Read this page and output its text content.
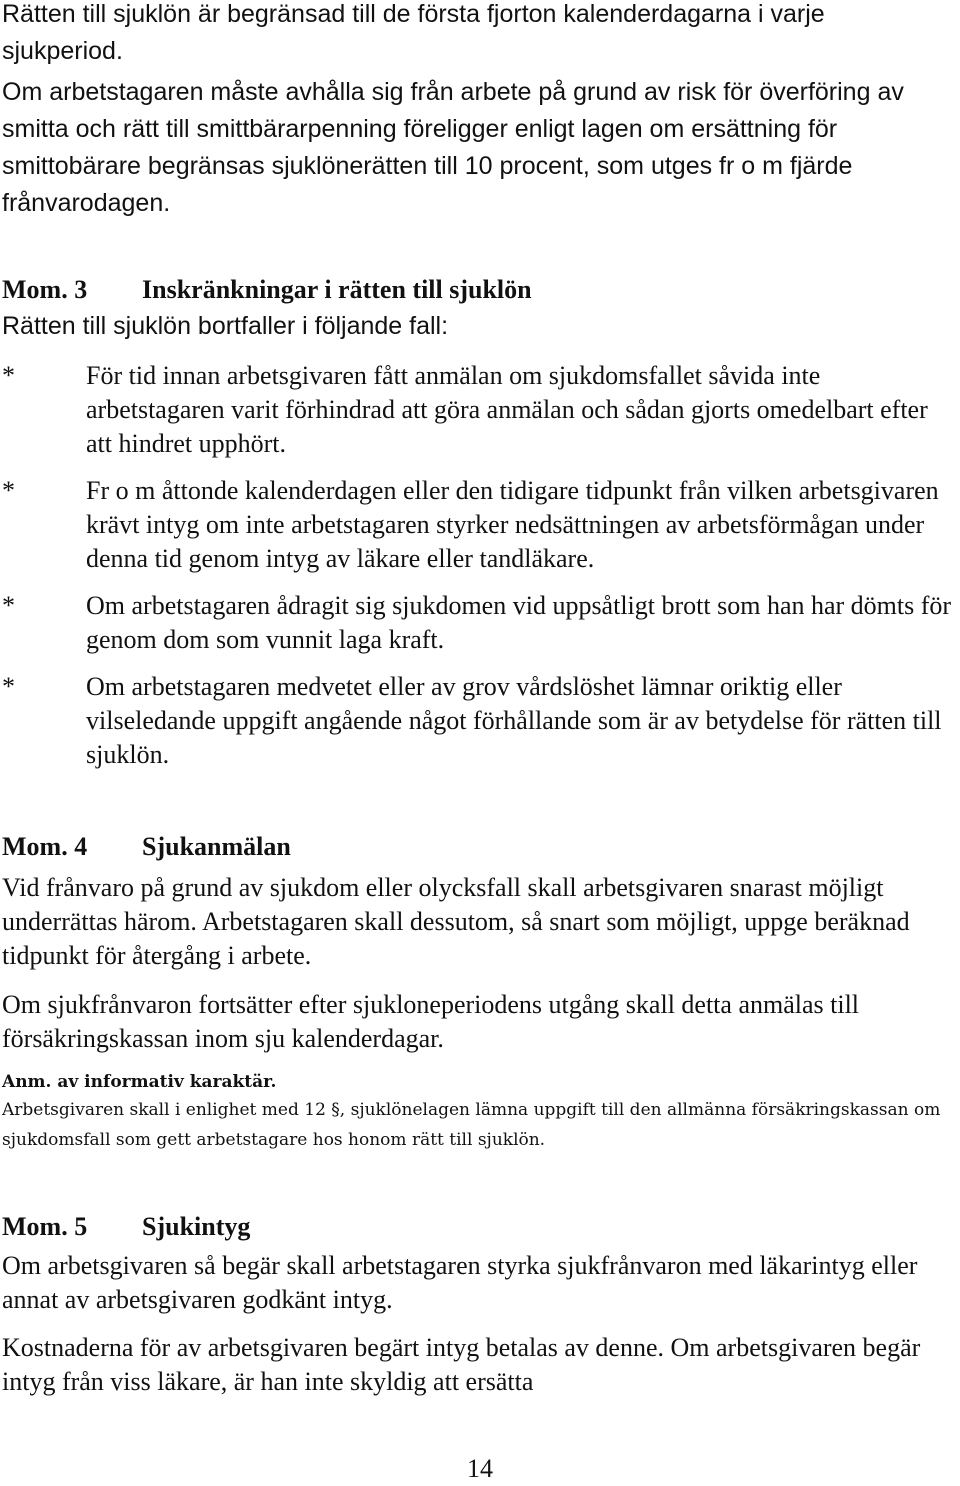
Rätten till sjuklön är begränsad till de första fjorton kalenderdagarna i varje sjukperiod.

Om arbetstagaren måste avhålla sig från arbete på grund av risk för överföring av smitta och rätt till smittbärarpenning föreligger enligt lagen om ersättning för smittobärare begränsas sjuklönerätten till 10 procent, som utges fr o m fjärde frånvarodagen.

Mom. 3 Inskränkningar i rätten till sjuklön

Rätten till sjuklön bortfaller i följande fall:

*	För tid innan arbetsgivaren fått anmälan om sjukdomsfallet såvida inte arbetstagaren varit förhindrad att göra anmälan och sådan gjorts omedelbart efter att hindret upphört.
*	Fr o m åttonde kalenderdagen eller den tidigare tidpunkt från vilken arbetsgivaren krävt intyg om inte arbetstagaren styrker nedsättningen av arbetsförmågan under denna tid genom intyg av läkare eller tandläkare.
*	Om arbetstagaren ådragit sig sjukdomen vid uppsåtligt brott som han har dömts för genom dom som vunnit laga kraft.
*	Om arbetstagaren medvetet eller av grov vårdslöshet lämnar oriktig eller vilseledande uppgift angående något förhållande som är av betydelse för rätten till sjuklön.
Mom. 4 Sjukanmälan

Vid frånvaro på grund av sjukdom eller olycksfall skall arbetsgivaren snarast möjligt underrättas härom. Arbetstagaren skall dessutom, så snart som möjligt, uppge beräknad tidpunkt för återgång i arbete.

Om sjukfrånvaron fortsätter efter sjukloneperiodens utgång skall detta anmälas till försäkringskassan inom sju kalenderdagar.

Anm. av informativ karaktär.

Arbetsgivaren skall i enlighet med 12 §, sjuklönelagen lämna uppgift till den allmänna försäkringskassan om sjukdomsfall som gett arbetstagare hos honom rätt till sjuklön.

Mom. 5 Sjukintyg

Om arbetsgivaren så begär skall arbetstagaren styrka sjukfrånvaron med läkarintyg eller annat av arbetsgivaren godkänt intyg.

Kostnaderna för av arbetsgivaren begärt intyg betalas av denne. Om arbetsgivaren begär intyg från viss läkare, är han inte skyldig att ersätta

14
